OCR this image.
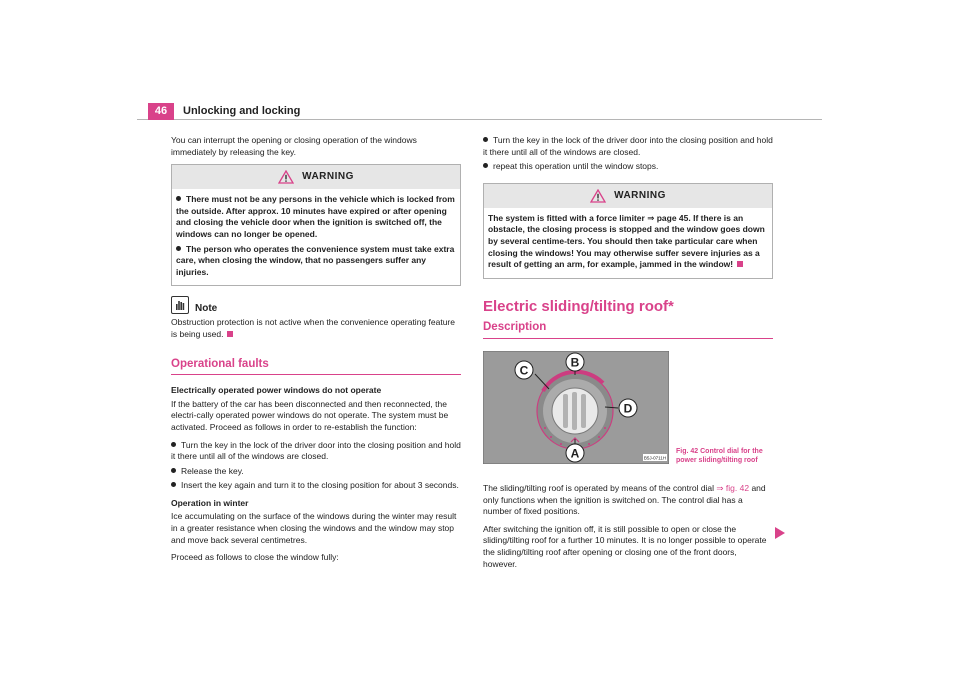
46	Unlocking and locking

You can interrupt the opening or closing operation of the windows immediately by releasing the key.

WARNING

There must not be any persons in the vehicle which is locked from the outside. After approx. 10 minutes have expired or after opening and closing the vehicle door when the ignition is switched off, the windows can no longer be opened.

The person who operates the convenience system must take extra care, when closing the window, that no passengers suffer any injuries.

Note

Obstruction protection is not active when the convenience operating feature is being used.

Operational faults
Electrically operated power windows do not operate

If the battery of the car has been disconnected and then reconnected, the electri-cally operated power windows do not operate. The system must be activated. Proceed as follows in order to re-establish the function:

Turn the key in the lock of the driver door into the closing position and hold it there until all of the windows are closed.

Release the key.

Insert the key again and turn it to the closing position for about 3 seconds.

Operation in winter

Ice accumulating on the surface of the windows during the winter may result in a greater resistance when closing the windows and the window may stop and move back several centimetres.

Proceed as follows to close the window fully:

Turn the key in the lock of the driver door into the closing position and hold it there until all of the windows are closed.

repeat this operation until the window stops.

WARNING

The system is fitted with a force limiter ⇒ page 45. If there is an obstacle, the closing process is stopped and the window goes down by several centime-ters. You should then take particular care when closing the windows! You may otherwise suffer severe injuries as a result of getting an arm, for example, jammed in the window!

Electric sliding/tilting roof*
Description
B
C
D
A	B5J-0711H
Fig. 42 Control dial for the power sliding/tilting roof

The sliding/tilting roof is operated by means of the control dial ⇒ fig. 42 and only functions when the ignition is switched on. The control dial has a number of fixed positions.

After switching the ignition off, it is still possible to open or close the sliding/tilting roof for a further 10 minutes. It is no longer possible to operate the sliding/tilting roof after opening or closing one of the front doors, however.
